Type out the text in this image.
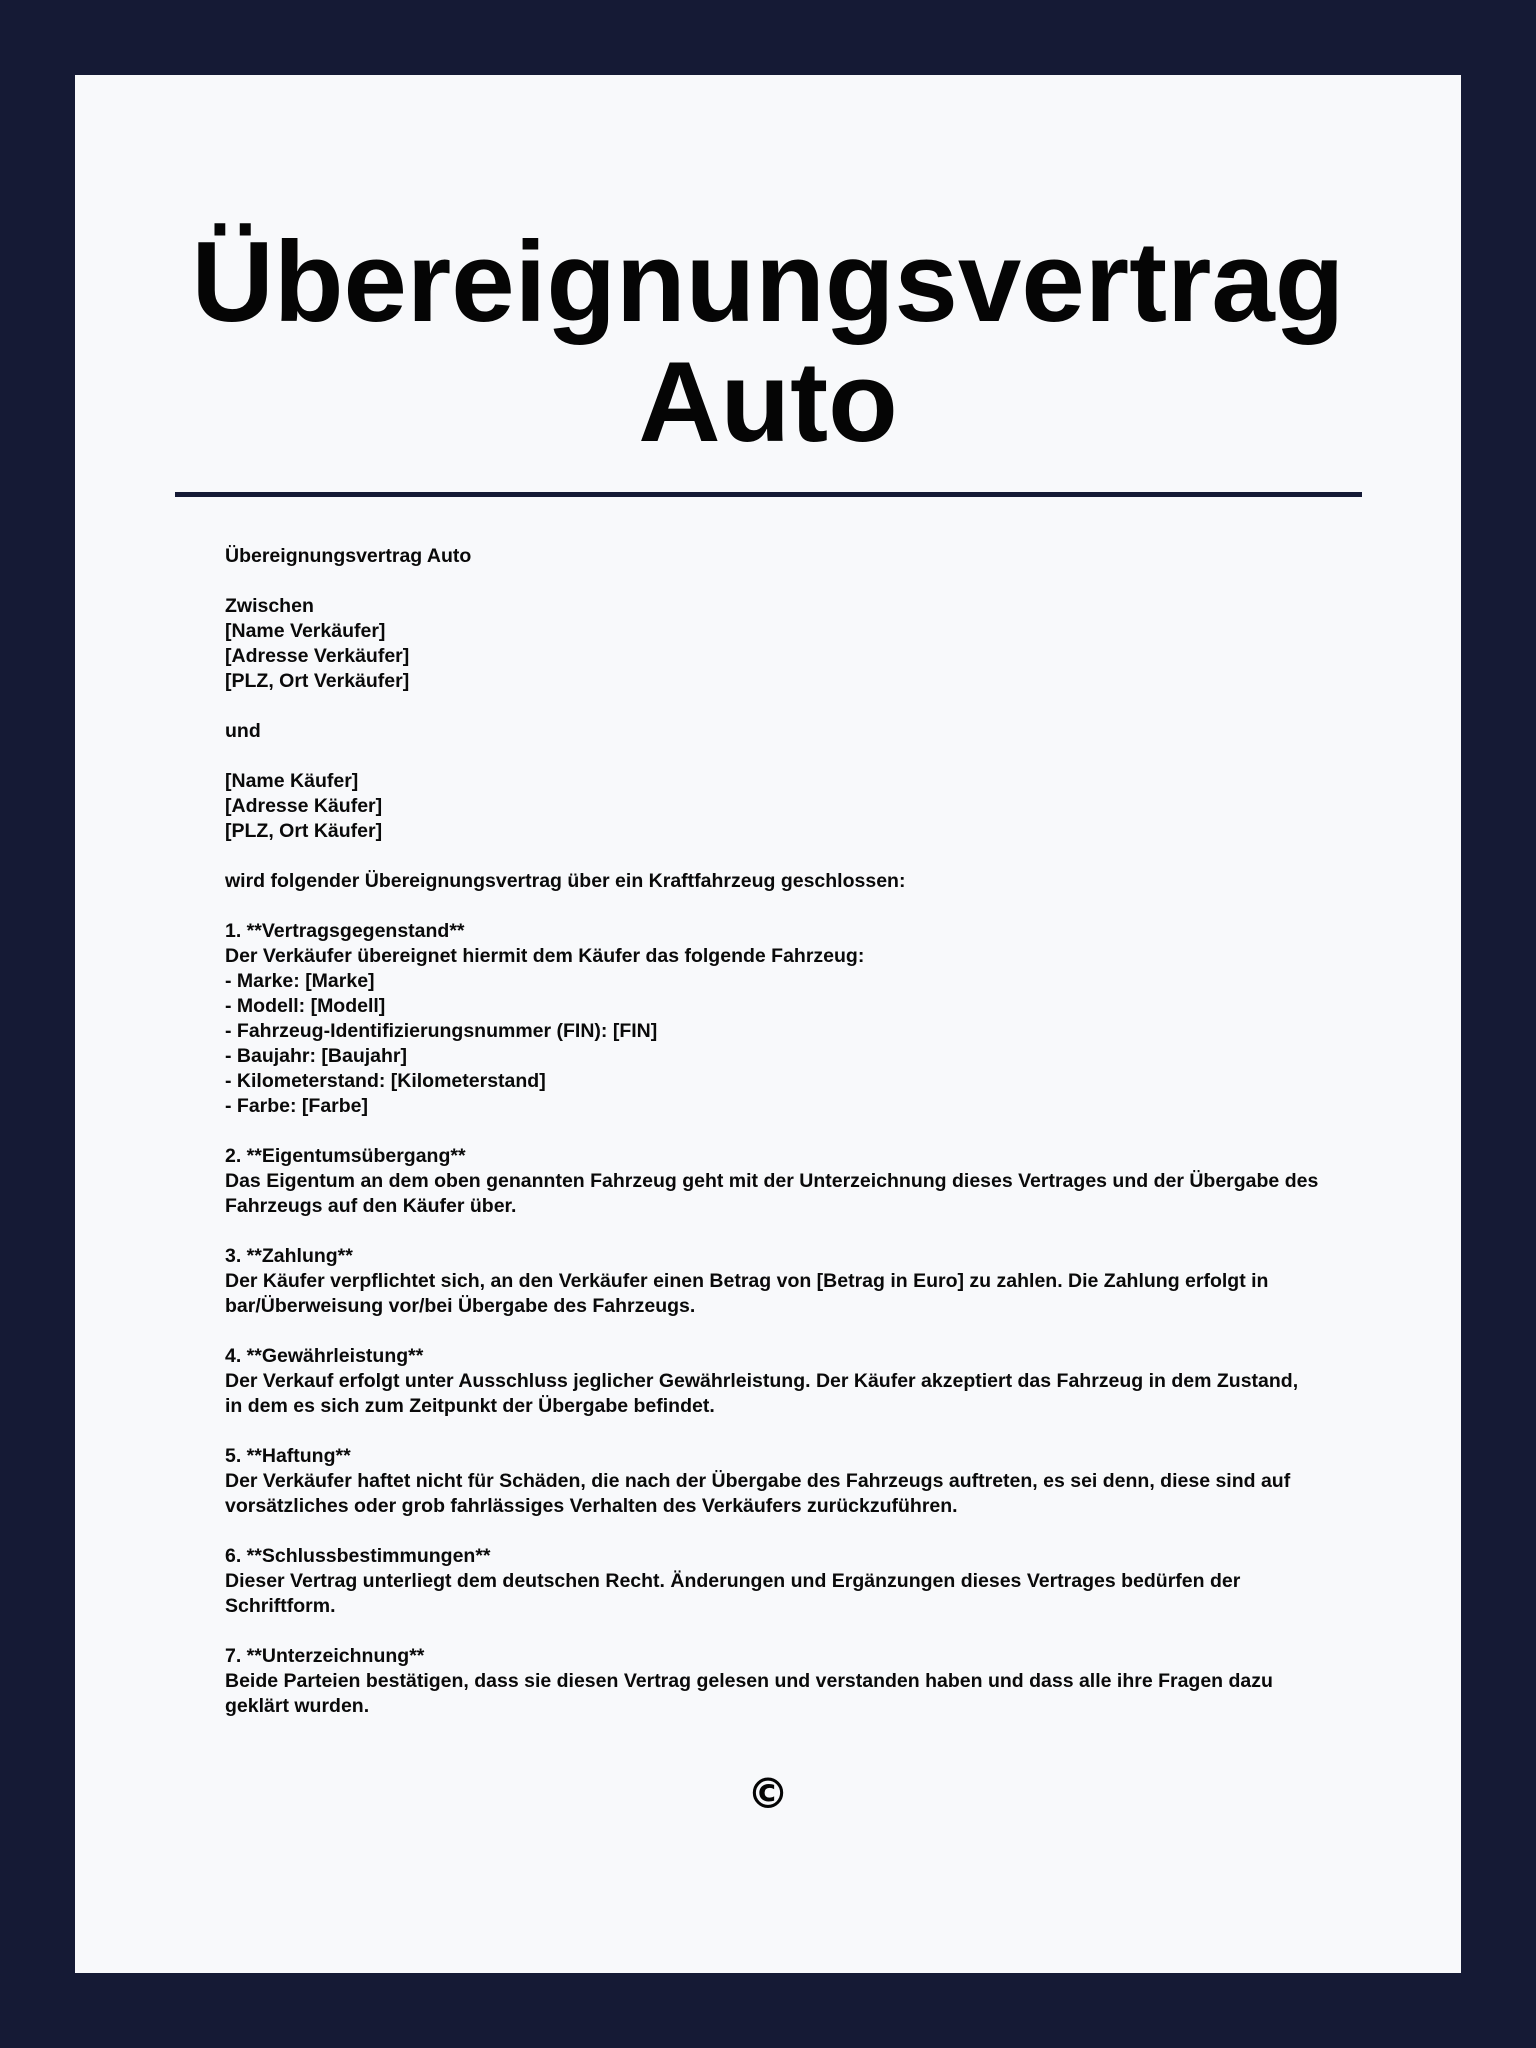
Übereignungsvertrag
Auto

Übereignungsvertrag Auto

Zwischen

[Name Verkäufer]

[Adresse Verkäufer]

[PLZ, Ort Verkäufer]

und

[Name Käufer]

[Adresse Käufer]

[PLZ, Ort Käufer]

wird folgender Übereignungsvertrag über ein Kraftfahrzeug geschlossen:

1. **Vertragsgegenstand**

Der Verkäufer übereignet hiermit dem Käufer das folgende Fahrzeug:

- Marke: [Marke]

- Modell: [Modell]

- Fahrzeug-Identifizierungsnummer (FIN): [FIN]

- Baujahr: [Baujahr]

- Kilometerstand: [Kilometerstand]

- Farbe: [Farbe]

2. **Eigentumsübergang**

Das Eigentum an dem oben genannten Fahrzeug geht mit der Unterzeichnung dieses Vertrages und der Übergabe des

Fahrzeugs auf den Käufer über.

3. **Zahlung**

Der Käufer verpflichtet sich, an den Verkäufer einen Betrag von [Betrag in Euro] zu zahlen. Die Zahlung erfolgt in

bar/Überweisung vor/bei Übergabe des Fahrzeugs.

4. **Gewährleistung**

Der Verkauf erfolgt unter Ausschluss jeglicher Gewährleistung. Der Käufer akzeptiert das Fahrzeug in dem Zustand,

in dem es sich zum Zeitpunkt der Übergabe befindet.

5. **Haftung**

Der Verkäufer haftet nicht für Schäden, die nach der Übergabe des Fahrzeugs auftreten, es sei denn, diese sind auf

vorsätzliches oder grob fahrlässiges Verhalten des Verkäufers zurückzuführen.

6. **Schlussbestimmungen**

Dieser Vertrag unterliegt dem deutschen Recht. Änderungen und Ergänzungen dieses Vertrages bedürfen der

Schriftform.

7. **Unterzeichnung**

Beide Parteien bestätigen, dass sie diesen Vertrag gelesen und verstanden haben und dass alle ihre Fragen dazu

geklärt wurden.

©
